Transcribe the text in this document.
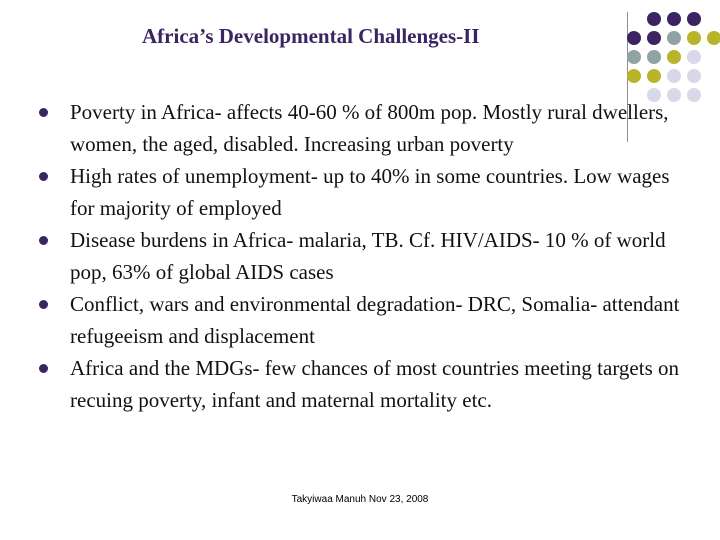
Africa’s Developmental Challenges-II
Poverty in Africa- affects 40-60 % of 800m pop. Mostly rural dwellers, women, the aged, disabled. Increasing urban poverty
High rates of unemployment- up to 40% in some countries. Low wages for majority of employed
Disease burdens in Africa- malaria, TB. Cf. HIV/AIDS- 10 % of world pop, 63% of global AIDS cases
Conflict, wars and environmental degradation- DRC, Somalia- attendant refugeeism and displacement
Africa and the MDGs- few chances of most countries meeting targets on recuing poverty, infant and maternal mortality etc.
Takyiwaa Manuh Nov 23, 2008
